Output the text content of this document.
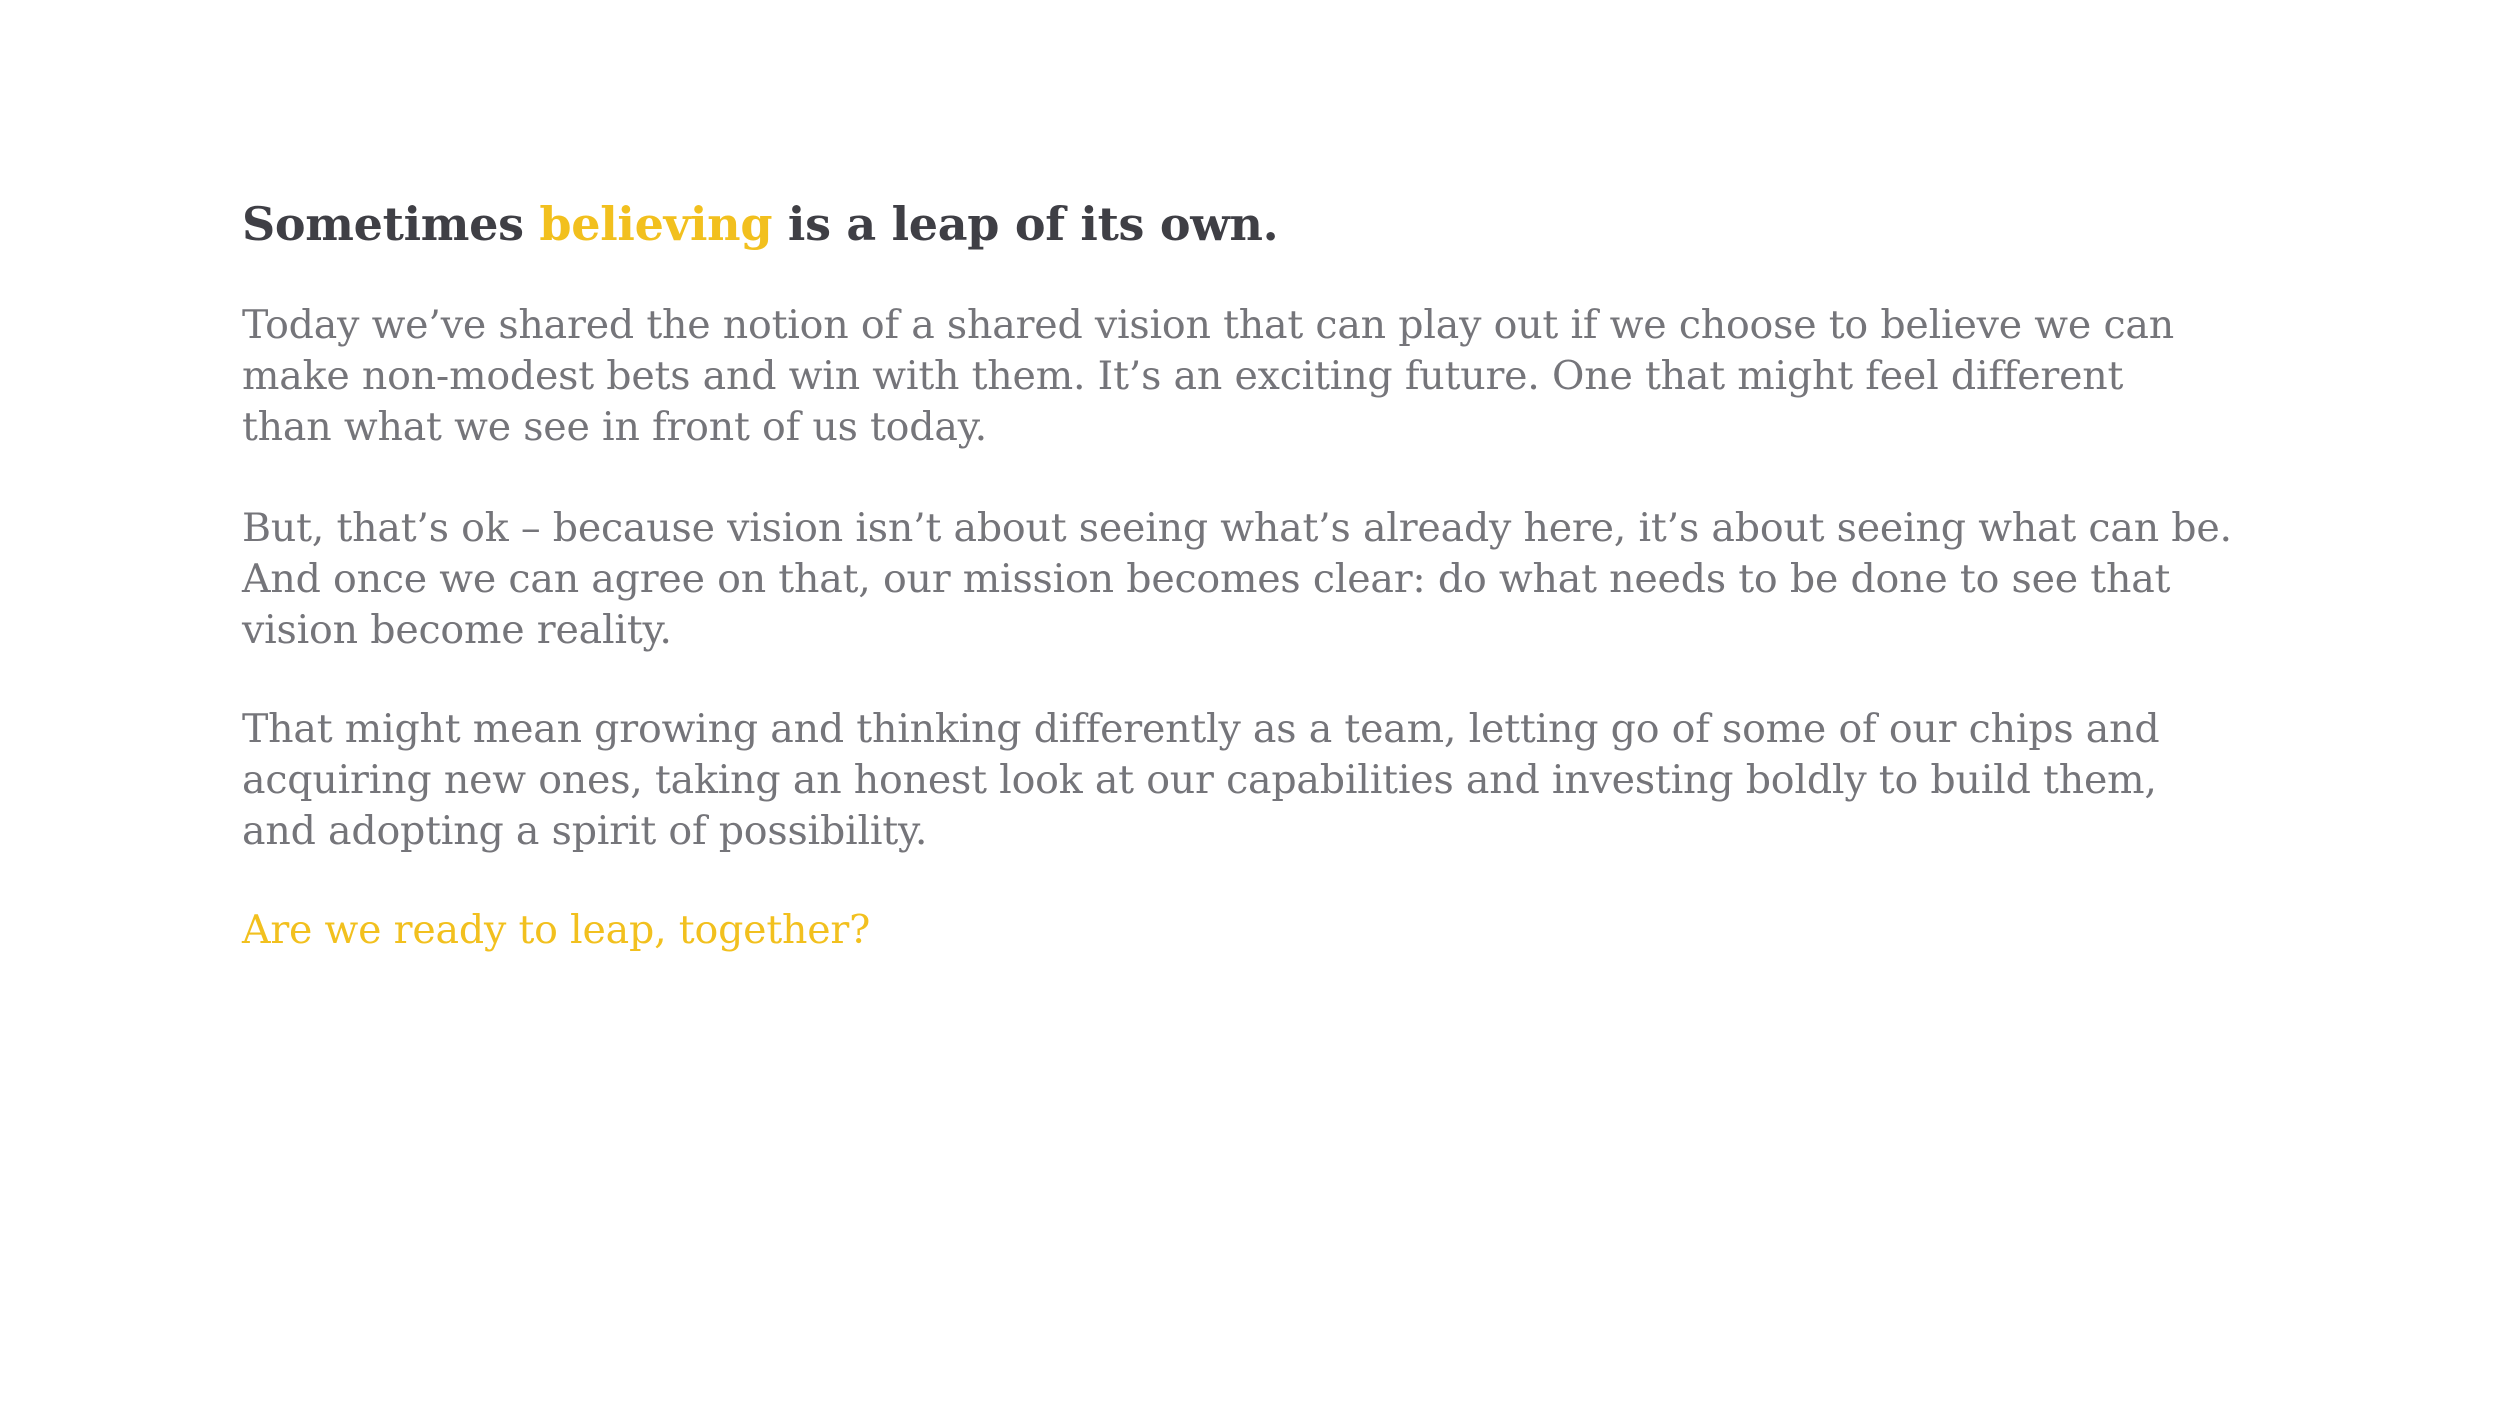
Sometimes believing is a leap of its own.

Today we’ve shared the notion of a shared vision that can play out if we choose to believe we can
make non-modest bets and win with them. It’s an exciting future. One that might feel different
than what we see in front of us today.

But, that’s ok – because vision isn’t about seeing what’s already here, it’s about seeing what can be.
And once we can agree on that, our mission becomes clear: do what needs to be done to see that
vision become reality.

That might mean growing and thinking differently as a team, letting go of some of our chips and
acquiring new ones, taking an honest look at our capabilities and investing boldly to build them,
and adopting a spirit of possibility.

Are we ready to leap, together?
